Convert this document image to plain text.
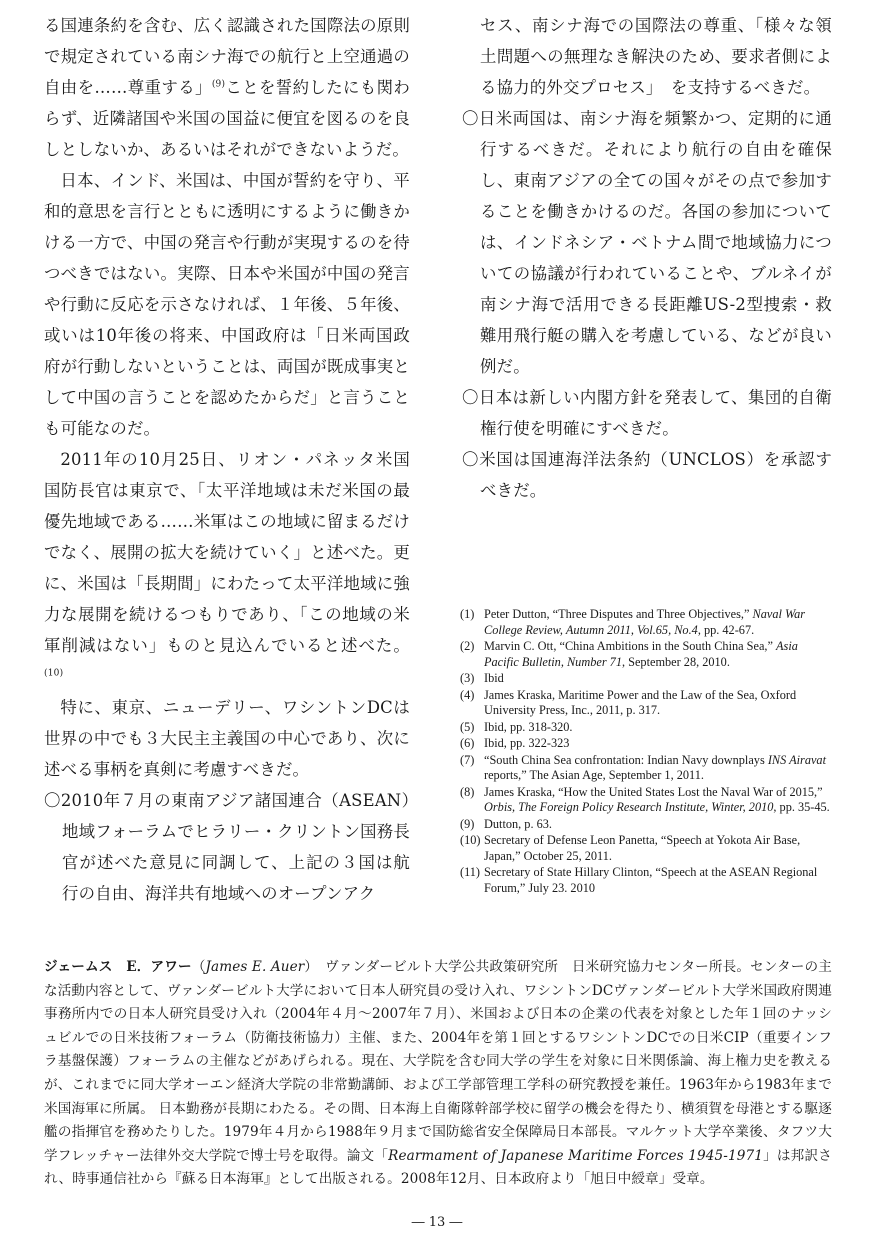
る国連条約を含む、広く認識された国際法の原則で規定されている南シナ海での航行と上空通過の自由を……尊重する」$^{(9)}$ことを誓約したにも関わらず、近隣諸国や米国の国益に便宜を図るのを良しとしないか、あるいはそれができないようだ。

日本、インド、米国は、中国が誓約を守り、平和的意思を言行とともに透明にするように働きかける一方で、中国の発言や行動が実現するのを待つべきではない。実際、日本や米国が中国の発言や行動に反応を示さなければ、１年後、５年後、或いは10年後の将来、中国政府は「日米両国政府が行動しないということは、両国が既成事実として中国の言うことを認めたからだ」と言うことも可能なのだ。

2011年の10月25日、リオン・パネッタ米国国防長官は東京で、「太平洋地域は未だ米国の最優先地域である……米軍はこの地域に留まるだけでなく、展開の拡大を続けていく」と述べた。更に、米国は「長期間」にわたって太平洋地域に強力な展開を続けるつもりであり、「この地域の米軍削減はない」ものと見込んでいると述べた。$^{(10)}$

特に、東京、ニューデリー、ワシントンDCは世界の中でも３大民主主義国の中心であり、次に述べる事柄を真剣に考慮すべきだ。

〇2010年７月の東南アジア諸国連合（ASEAN）地域フォーラムでヒラリー・クリントン国務長官が述べた意見に同調して、上記の３国は航行の自由、海洋共有地域へのオープンアク

セス、南シナ海での国際法の尊重、「様々な領土問題への無理なき解決のため、要求者側による協力的外交プロセス」　を支持するべきだ。

〇日米両国は、南シナ海を頻繁かつ、定期的に通行するべきだ。それにより航行の自由を確保し、東南アジアの全ての国々がその点で参加することを働きかけるのだ。各国の参加については、インドネシア・ベトナム間で地域協力についての協議が行われていることや、ブルネイが南シナ海で活用できる長距離US-2型捜索・救難用飛行艇の購入を考慮している、などが良い例だ。

〇日本は新しい内閣方針を発表して、集団的自衛権行使を明確にすべきだ。

〇米国は国連海洋法条約（UNCLOS）を承認すべきだ。

(1) Peter Dutton, “Three Disputes and Three Objectives,” Naval War College Review, Autumn 2011, Vol.65, No.4, pp. 42-67.
(2) Marvin C. Ott, “China Ambitions in the South China Sea,” Asia Pacific Bulletin, Number 71, September 28, 2010.
(3) Ibid
(4) James Kraska, Maritime Power and the Law of the Sea, Oxford University Press, Inc., 2011, p. 317.
(5) Ibid, pp. 318-320.
(6) Ibid, pp. 322-323
(7) “South China Sea confrontation: Indian Navy downplays INS Airavat reports,” The Asian Age, September 1, 2011.
(8) James Kraska, “How the United States Lost the Naval War of 2015,” Orbis, The Foreign Policy Research Institute, Winter, 2010, pp. 35-45.
(9) Dutton, p. 63.
(10) Secretary of Defense Leon Panetta, “Speech at Yokota Air Base, Japan,” October 25, 2011.
(11) Secretary of State Hillary Clinton, “Speech at the ASEAN Regional Forum,” July 23. 2010
ジェームス　E．アワー（James E. Auer）　ヴァンダービルト大学公共政策研究所　日米研究協力センター所長。センターの主な活動内容として、ヴァンダービルト大学において日本人研究員の受け入れ、ワシントンDCヴァンダービルト大学米国政府関連事務所内での日本人研究員受け入れ（2004年４月～2007年７月）、米国および日本の企業の代表を対象とした年１回のナッシュビルでの日米技術フォーラム（防衛技術協力）主催、また、2004年を第１回とするワシントンDCでの日米CIP（重要インフラ基盤保護）フォーラムの主催などがあげられる。現在、大学院を含む同大学の学生を対象に日米関係論、海上権力史を教えるが、これまでに同大学オーエン経済大学院の非常勤講師、および工学部管理工学科の研究教授を兼任。1963年から1983年まで米国海軍に所属。 日本勤務が長期にわたる。その間、日本海上自衛隊幹部学校に留学の機会を得たり、横須賀を母港とする駆逐艦の指揮官を務めたりした。1979年４月から1988年９月まで国防総省安全保障局日本部長。マルケット大学卒業後、タフツ大学フレッチャー法律外交大学院で博士号を取得。論文「Rearmament of Japanese Maritime Forces 1945-1971」は邦訳され、時事通信社から『蘇る日本海軍』として出版される。2008年12月、日本政府より「旭日中綬章」受章。
― 13 ―
